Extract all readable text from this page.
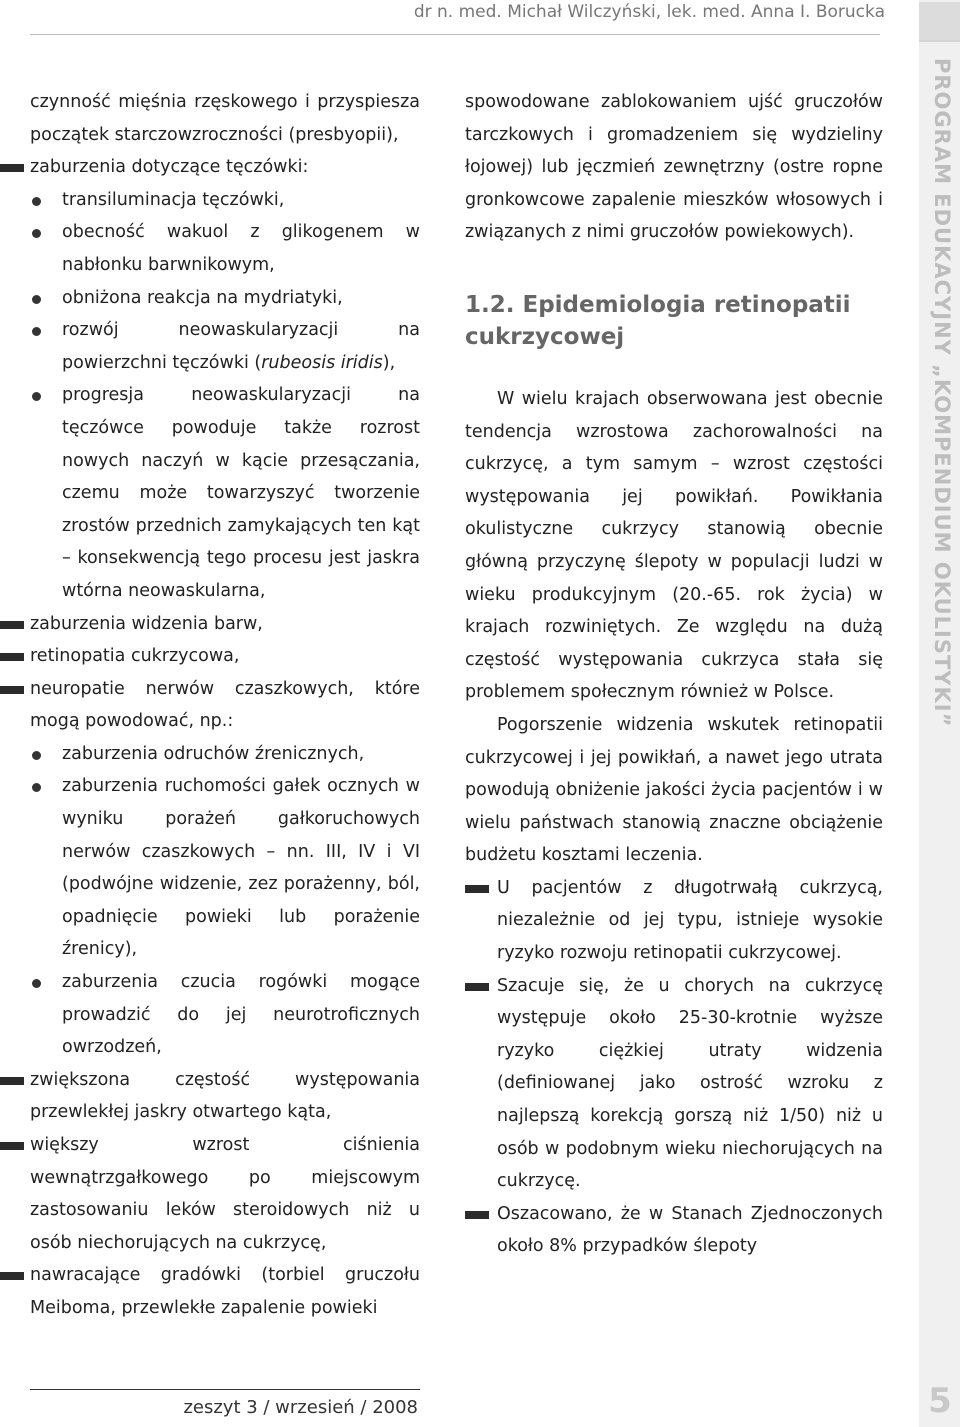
PROGRAM EDUKACYJNY „KOMPENDIUM OKULISTYKI”
5
dr n. med. Michał Wilczyński, lek. med. Anna I. Borucka

czynność mięśnia rzęskowego i przyspiesza początek starczowzroczności (presbyopii),

zaburzenia dotyczące tęczówki:

transiluminacja tęczówki,

obecność wakuol z glikogenem w nabłonku barwnikowym,

obniżona reakcja na mydriatyki,

rozwój neowaskularyzacji na powierzchni tęczówki (rubeosis iridis),

progresja neowaskularyzacji na tęczówce powoduje także rozrost nowych naczyń w kącie przesączania, czemu może towarzyszyć tworzenie zrostów przednich zamykających ten kąt – konsekwencją tego procesu jest jaskra wtórna neowaskularna,

zaburzenia widzenia barw,

retinopatia cukrzycowa,

neuropatie nerwów czaszkowych, które mogą powodować, np.:

zaburzenia odruchów źrenicznych,

zaburzenia ruchomości gałek ocznych w wyniku porażeń gałkoruchowych nerwów czaszkowych – nn. III, IV i VI (podwójne widzenie, zez porażenny, ból, opadnięcie powieki lub porażenie źrenicy),

zaburzenia czucia rogówki mogące prowadzić do jej neurotroficznych owrzodzeń,

zwiększona częstość występowania przewlekłej jaskry otwartego kąta,

większy wzrost ciśnienia wewnątrzgałkowego po miejscowym zastosowaniu leków steroidowych niż u osób niechorujących na cukrzycę,

nawracające gradówki (torbiel gruczołu Meiboma, przewlekłe zapalenie powieki

spowodowane zablokowaniem ujść gruczołów tarczkowych i gromadzeniem się wydzieliny łojowej) lub jęczmień zewnętrzny (ostre ropne gronkowcowe zapalenie mieszków włosowych i związanych z nimi gruczołów powiekowych).

1.2. Epidemiologia retinopatii cukrzycowej

W wielu krajach obserwowana jest obecnie tendencja wzrostowa zachorowalności na cukrzycę, a tym samym – wzrost częstości występowania jej powikłań. Powikłania okulistyczne cukrzycy stanowią obecnie główną przyczynę ślepoty w populacji ludzi w wieku produkcyjnym (20.-65. rok życia) w krajach rozwiniętych. Ze względu na dużą częstość występowania cukrzyca stała się problemem społecznym również w Polsce.

Pogorszenie widzenia wskutek retinopatii cukrzycowej i jej powikłań, a nawet jego utrata powodują obniżenie jakości życia pacjentów i w wielu państwach stanowią znaczne obciążenie budżetu kosztami leczenia.

U pacjentów z długotrwałą cukrzycą, niezależnie od jej typu, istnieje wysokie ryzyko rozwoju retinopatii cukrzycowej.

Szacuje się, że u chorych na cukrzycę występuje około 25-30-krotnie wyższe ryzyko ciężkiej utraty widzenia (definiowanej jako ostrość wzroku z najlepszą korekcją gorszą niż 1/50) niż u osób w podobnym wieku niechorujących na cukrzycę.

Oszacowano, że w Stanach Zjednoczonych około 8% przypadków ślepoty

zeszyt 3 / wrzesień / 2008
